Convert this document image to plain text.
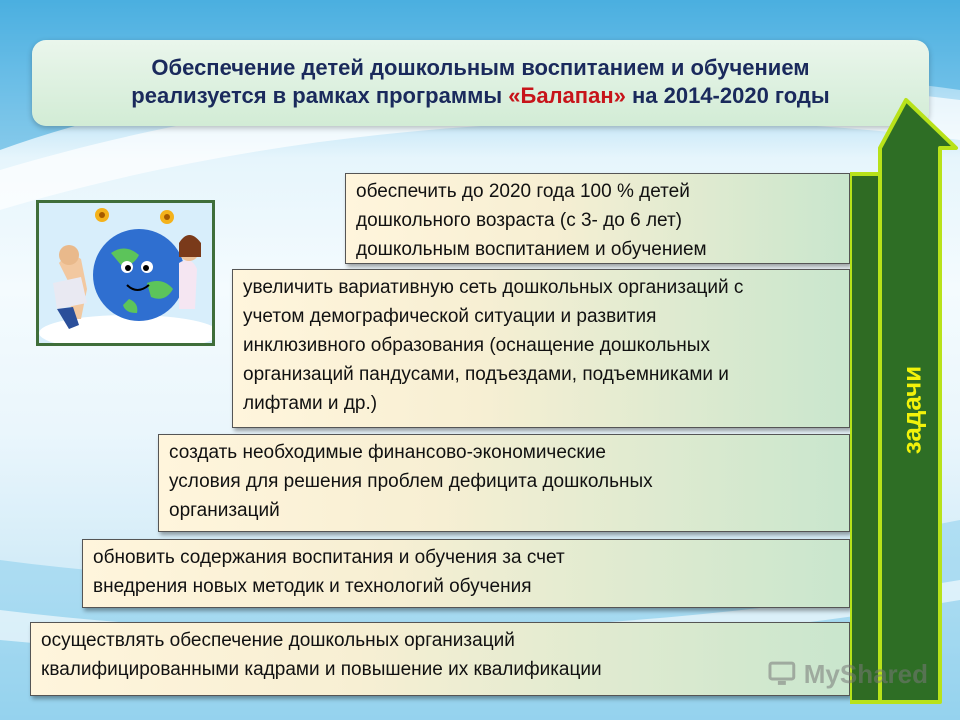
Обеспечение детей дошкольным воспитанием и обучением
реализуется в рамках программы «Балапан» на 2014-2020 годы
обеспечить до 2020 года 100 % детей
дошкольного возраста (с 3- до 6 лет)
дошкольным воспитанием и обучением
увеличить вариативную сеть дошкольных организаций с
учетом демографической ситуации и развития
инклюзивного образования (оснащение дошкольных
организаций пандусами, подъездами, подъемниками и
лифтами и др.)
создать необходимые финансово-экономические
условия для решения проблем дефицита дошкольных
организаций
обновить содержания воспитания и обучения за счет
внедрения новых методик и технологий обучения
осуществлять обеспечение дошкольных организаций
квалифицированными кадрами и повышение их квалификации
задачи
MyShared
